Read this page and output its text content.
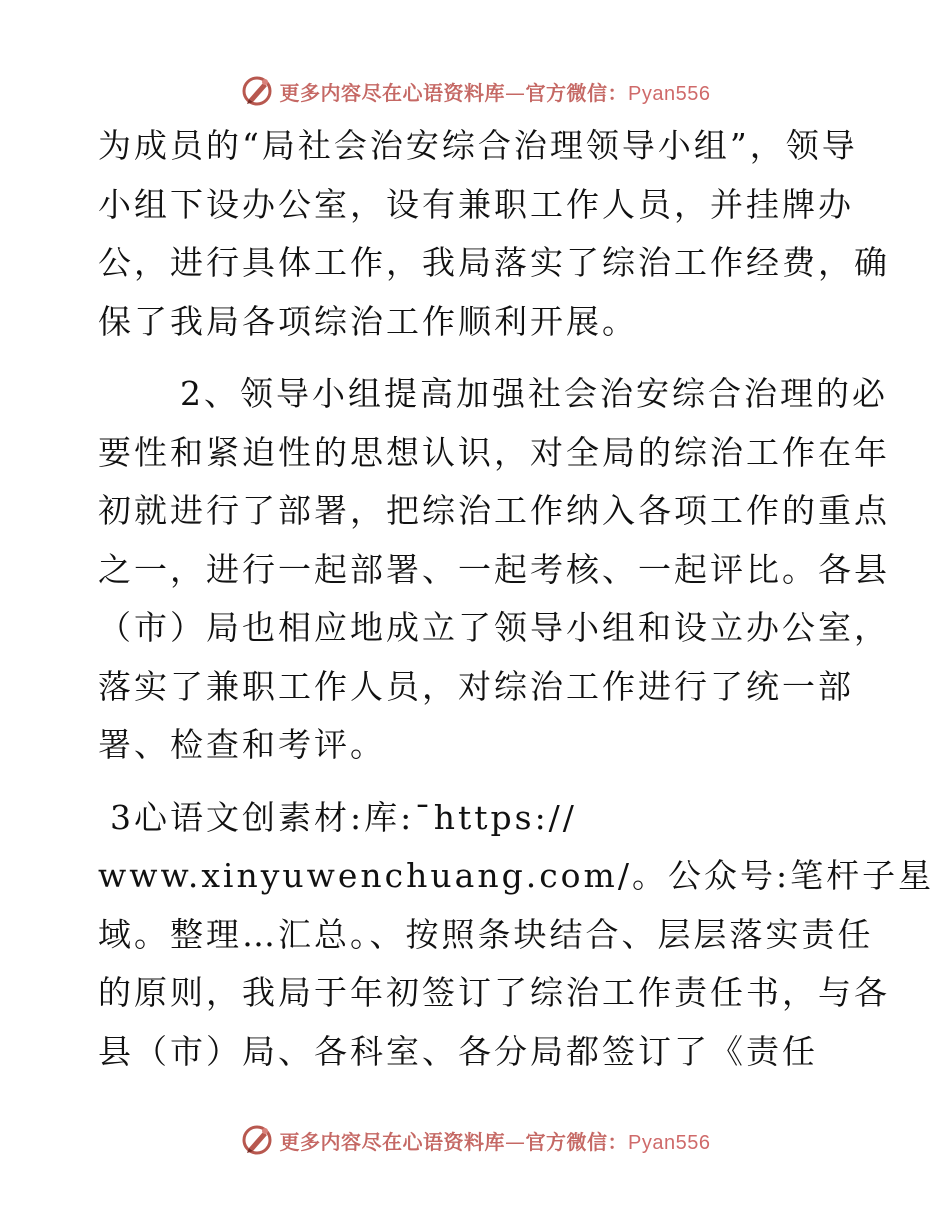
更多内容尽在心语资料库—官方微信：Pyan556
为成员的“局社会治安综合治理领导小组”，领导
小组下设办公室，设有兼职工作人员，并挂牌办
公，进行具体工作，我局落实了综治工作经费，确
保了我局各项综治工作顺利开展。
2、领导小组提高加强社会治安综合治理的必
要性和紧迫性的思想认识，对全局的综治工作在年
初就进行了部署，把综治工作纳入各项工作的重点
之一，进行一起部署、一起考核、一起评比。各县
（市）局也相应地成立了领导小组和设立办公室，
落实了兼职工作人员，对综治工作进行了统一部
署、检查和考评。
3心语文创素材:库:¯https://
www.xinyuwenchuang.com/。公众号:笔杆子星
域。整理…汇总。、按照条块结合、层层落实责任
的原则，我局于年初签订了综治工作责任书，与各
县（市）局、各科室、各分局都签订了《责任
更多内容尽在心语资料库—官方微信：Pyan556
